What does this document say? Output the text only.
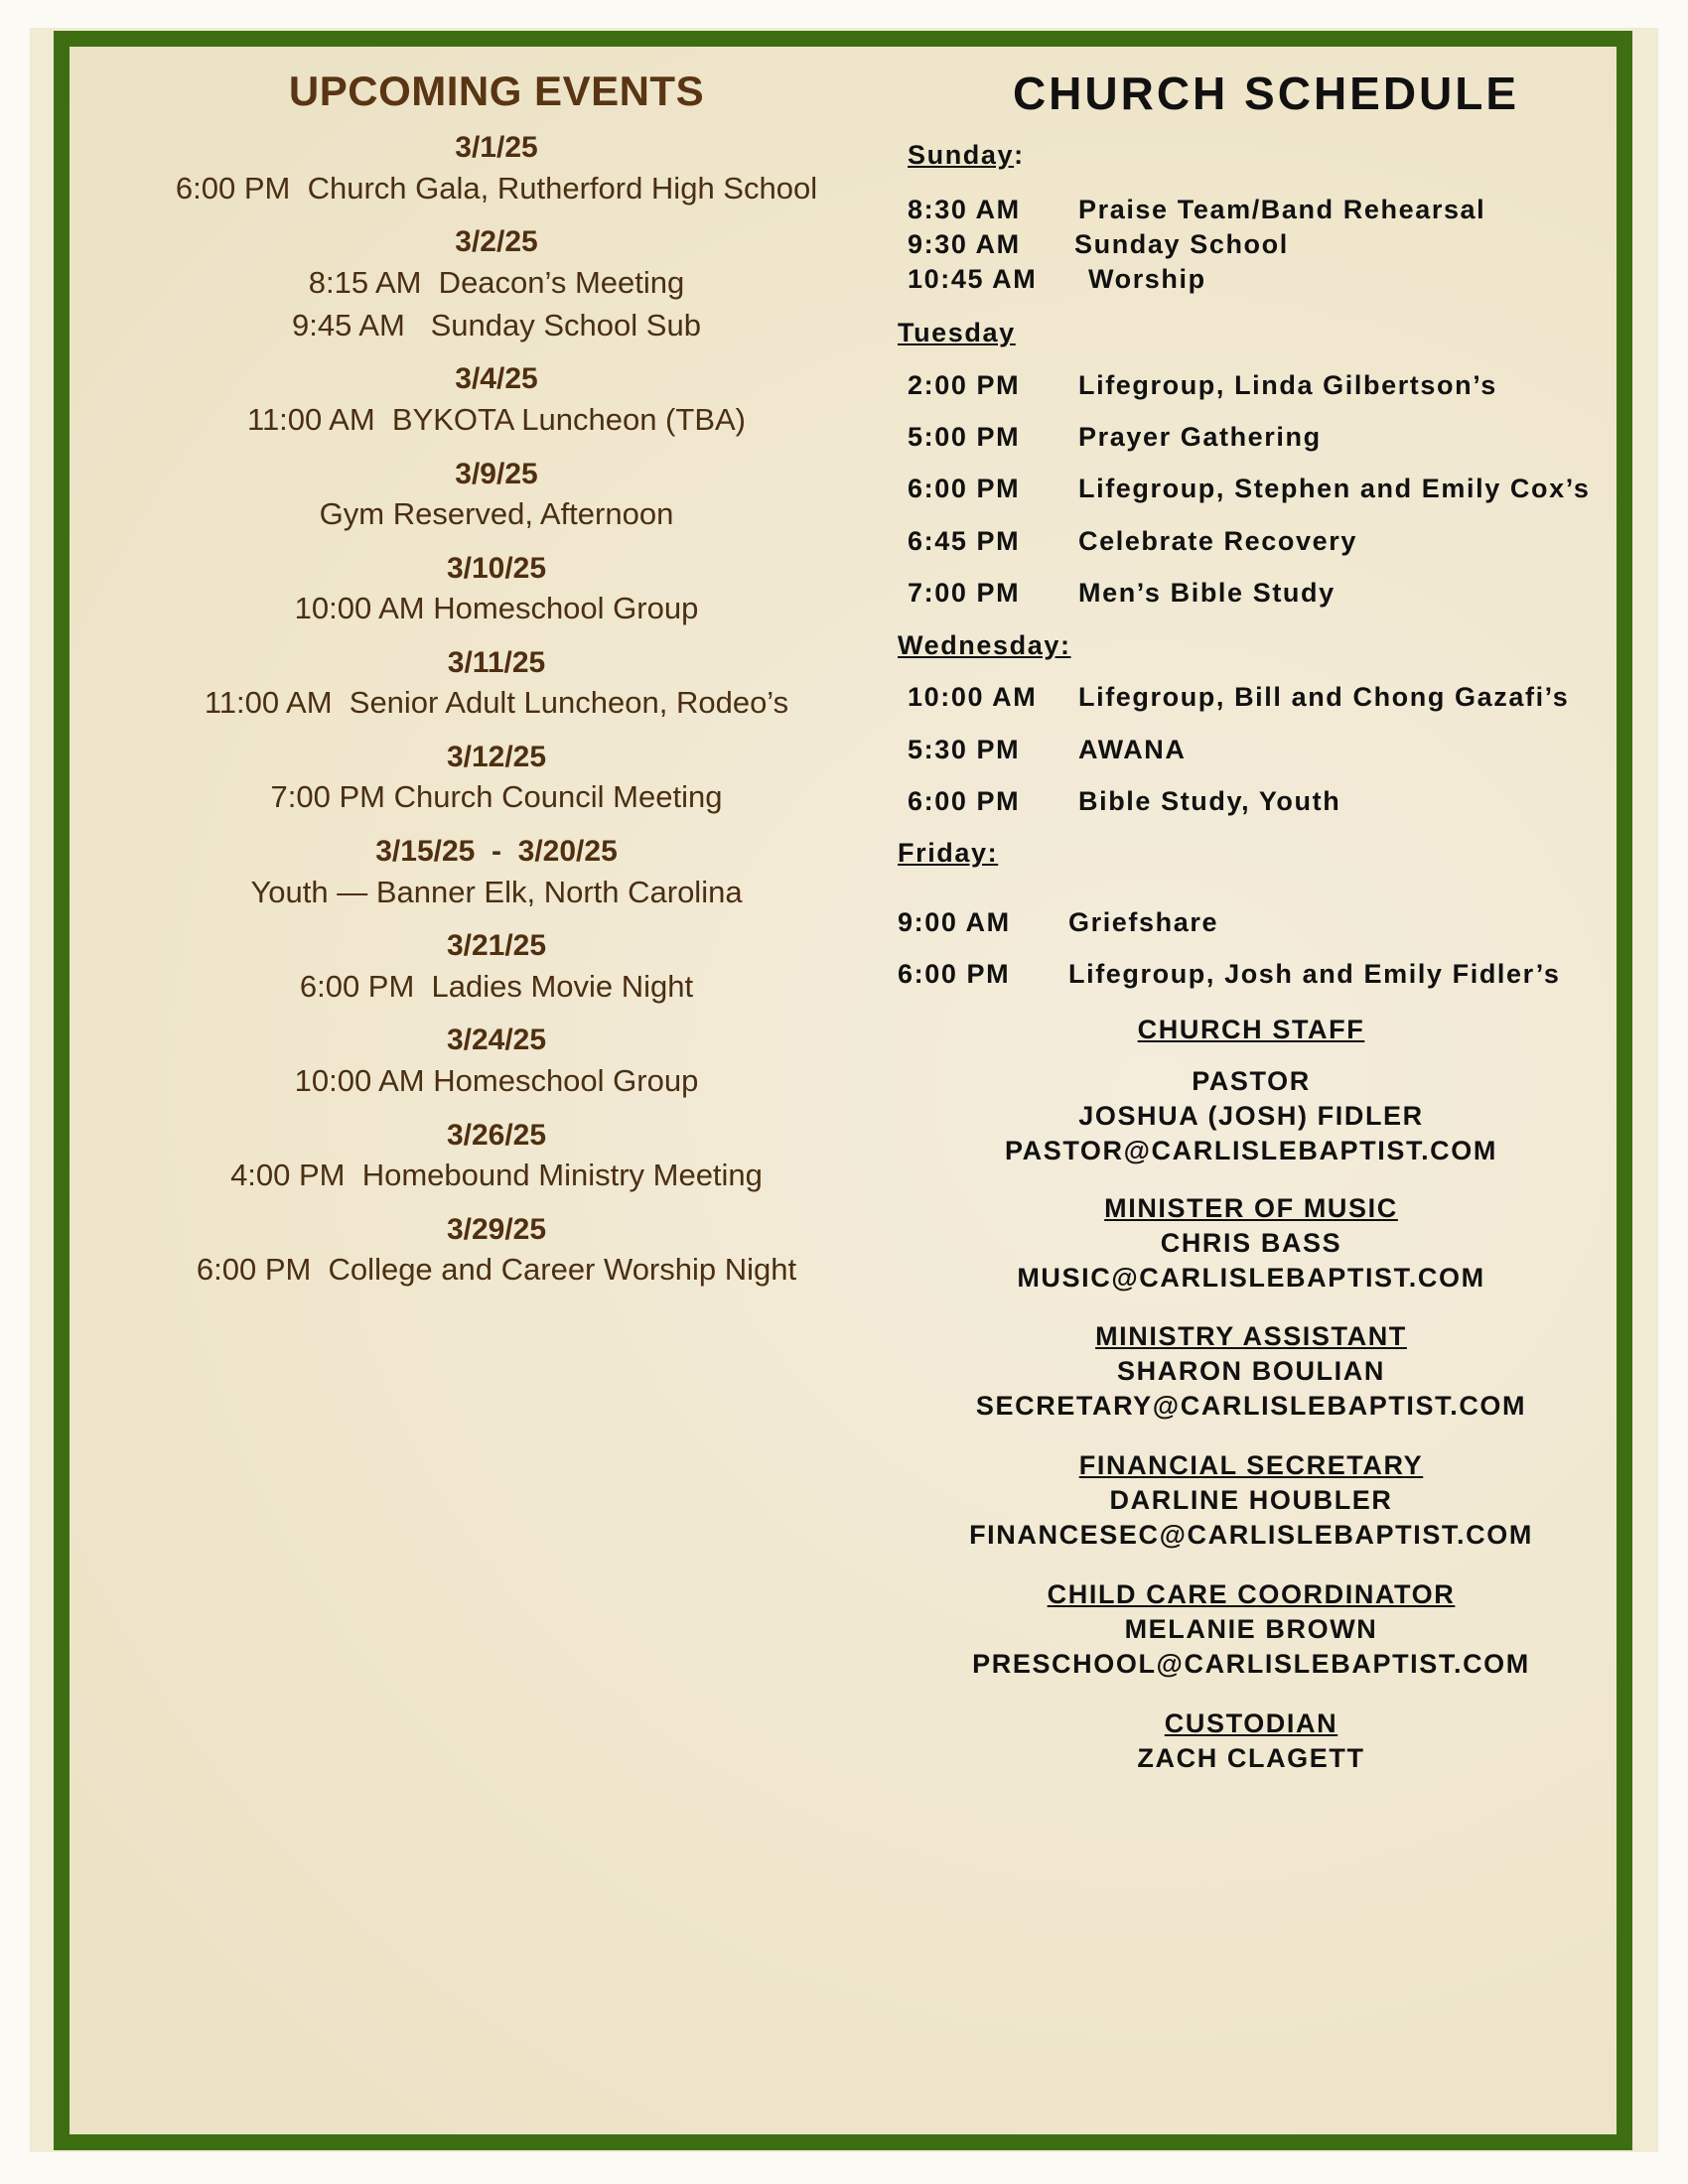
UPCOMING EVENTS
3/1/25
6:00 PM  Church Gala, Rutherford High School
3/2/25
8:15 AM  Deacon’s Meeting
9:45 AM   Sunday School Sub
3/4/25
11:00 AM  BYKOTA Luncheon (TBA)
3/9/25
Gym Reserved, Afternoon
3/10/25
10:00 AM Homeschool Group
3/11/25
11:00 AM  Senior Adult Luncheon, Rodeo’s
3/12/25
7:00 PM Church Council Meeting
3/15/25  -  3/20/25
Youth — Banner Elk, North Carolina
3/21/25
6:00 PM  Ladies Movie Night
3/24/25
10:00 AM Homeschool Group
3/26/25
4:00 PM  Homebound Ministry Meeting
3/29/25
6:00 PM  College and Career Worship Night
CHURCH SCHEDULE
Sunday:
8:30 AM Praise Team/Band Rehearsal
9:30 AM Sunday School
10:45 AM Worship
Tuesday
2:00 PM Lifegroup, Linda Gilbertson’s
5:00 PM Prayer Gathering
6:00 PM Lifegroup, Stephen and Emily Cox’s
6:45 PM Celebrate Recovery
7:00 PM Men’s Bible Study
Wednesday:
10:00 AM Lifegroup, Bill and Chong Gazafi’s
5:30 PM AWANA
6:00 PM Bible Study, Youth
Friday:
9:00 AM Griefshare
6:00 PM Lifegroup, Josh and Emily Fidler’s
CHURCH STAFF
PASTOR
JOSHUA (JOSH) FIDLER
PASTOR@CARLISLEBAPTIST.COM
MINISTER OF MUSIC
CHRIS BASS
MUSIC@CARLISLEBAPTIST.COM
MINISTRY ASSISTANT
SHARON BOULIAN
SECRETARY@CARLISLEBAPTIST.COM
FINANCIAL SECRETARY
DARLINE HOUBLER
FINANCESEC@CARLISLEBAPTIST.COM
CHILD CARE COORDINATOR
MELANIE BROWN
PRESCHOOL@CARLISLEBAPTIST.COM
CUSTODIAN
ZACH CLAGETT
